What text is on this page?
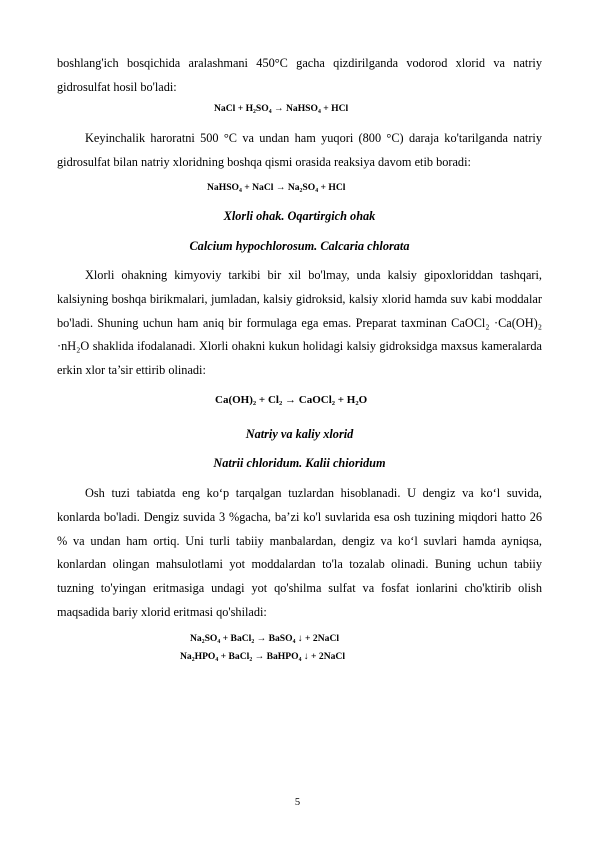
boshlang'ich bosqichida aralashmani 450°C gacha qizdirilganda vodorod xlorid va natriy gidrosulfat hosil bo'ladi:

NaCl + H₂SO₄ → NaHSO₄ + HCl

Keyinchalik haroratni 500 °C va undan ham yuqori (800 °C) daraja ko'tarilganda natriy gidrosulfat bilan natriy xloridning boshqa qismi orasida reaksiya davom etib boradi:

NaHSO₄ + NaCl → Na₂SO₄ + HCl

Xlorli ohak. Oqartirgich ohak

Calcium hypochlorosum. Calcaria chlorata

Xlorli ohakning kimyoviy tarkibi bir xil bo'lmay, unda kalsiy gipoxloriddan tashqari, kalsiyning boshqa birikmalari, jumladan, kalsiy gidroksid, kalsiy xlorid hamda suv kabi moddalar bo'ladi. Shuning uchun ham aniq bir formulaga ega emas. Preparat taxminan CaOCl₂ ·Ca(OH)₂ ·nH₂O shaklida ifodalanadi. Xlorli ohakni kukun holidagi kalsiy gidroksidga maxsus kameralarda erkin xlor ta’sir ettirib olinadi:

Ca(OH)₂ + Cl₂ → CaOCl₂ + H₂O

Natriy va kaliy xlorid

Natrii chloridum. Kalii chioridum

Osh tuzi tabiatda eng ko‘p tarqalgan tuzlardan hisoblanadi. U dengiz va ko‘l suvida, konlarda bo'ladi. Dengiz suvida 3 %gacha, ba’zi ko'l suvlarida esa osh tuzining miqdori hatto 26 % va undan ham ortiq. Uni turli tabiiy manbalardan, dengiz va ko‘l suvlari hamda ayniqsa, konlardan olingan mahsulotlami yot moddalardan to'la tozalab olinadi. Buning uchun tabiiy tuzning to'yingan eritmasiga undagi yot qo'shilma sulfat va fosfat ionlarini cho'ktirib olish maqsadida bariy xlorid eritmasi qo'shiladi:

Na₂SO₄ + BaCl₂ → BaSO₄ ↓ + 2NaCl
Na₂HPO₄ + BaCl₂ → BaHPO₄ ↓ + 2NaCl
5
